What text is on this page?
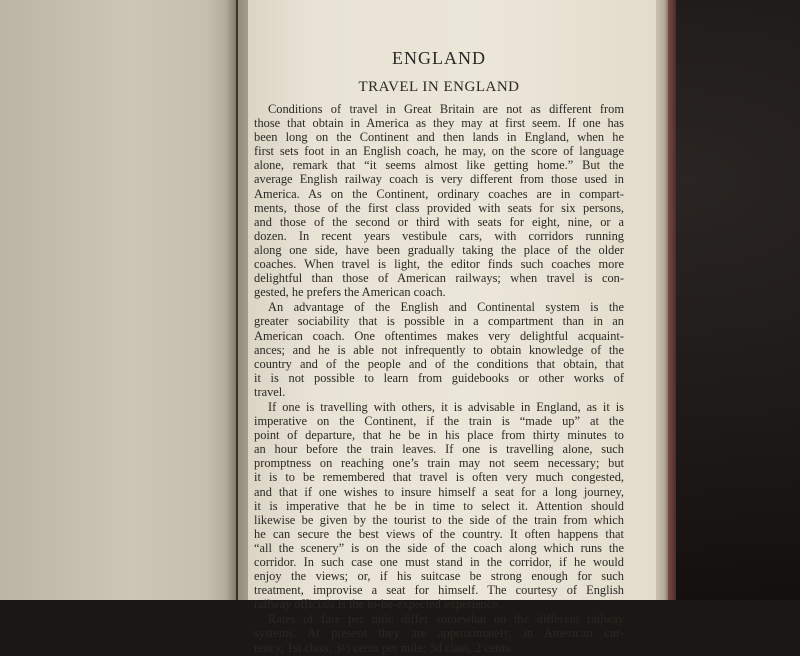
ENGLAND
TRAVEL IN ENGLAND
Conditions of travel in Great Britain are not as different from
those that obtain in America as they may at first seem. If one has
been long on the Continent and then lands in England, when he
first sets foot in an English coach, he may, on the score of language
alone, remark that “it seems almost like getting home.” But the
average English railway coach is very different from those used in
America. As on the Continent, ordinary coaches are in compart-
ments, those of the first class provided with seats for six persons,
and those of the second or third with seats for eight, nine, or a
dozen. In recent years vestibule cars, with corridors running
along one side, have been gradually taking the place of the older
coaches. When travel is light, the editor finds such coaches more
delightful than those of American railways; when travel is con-
gested, he prefers the American coach.
An advantage of the English and Continental system is the
greater sociability that is possible in a compartment than in an
American coach. One oftentimes makes very delightful acquaint-
ances; and he is able not infrequently to obtain knowledge of the
country and of the people and of the conditions that obtain, that
it is not possible to learn from guidebooks or other works of
travel.
If one is travelling with others, it is advisable in England, as it is
imperative on the Continent, if the train is “made up” at the
point of departure, that he be in his place from thirty minutes to
an hour before the train leaves. If one is travelling alone, such
promptness on reaching one’s train may not seem necessary; but
it is to be remembered that travel is often very much congested,
and that if one wishes to insure himself a seat for a long journey,
it is imperative that he be in time to select it. Attention should
likewise be given by the tourist to the side of the train from which
he can secure the best views of the country. It often happens that
“all the scenery” is on the side of the coach along which runs the
corridor. In such case one must stand in the corridor, if he would
enjoy the views; or, if his suitcase be strong enough for such
treatment, improvise a seat for himself. The courtesy of English
railway officials is the to-be-expected experience.
Rates of fare per mile differ somewhat on the different railway
systems. At present they are approximately, in American cur-
rency, 1st class, 3½ cents per mile; 3d class, 2 cents.
